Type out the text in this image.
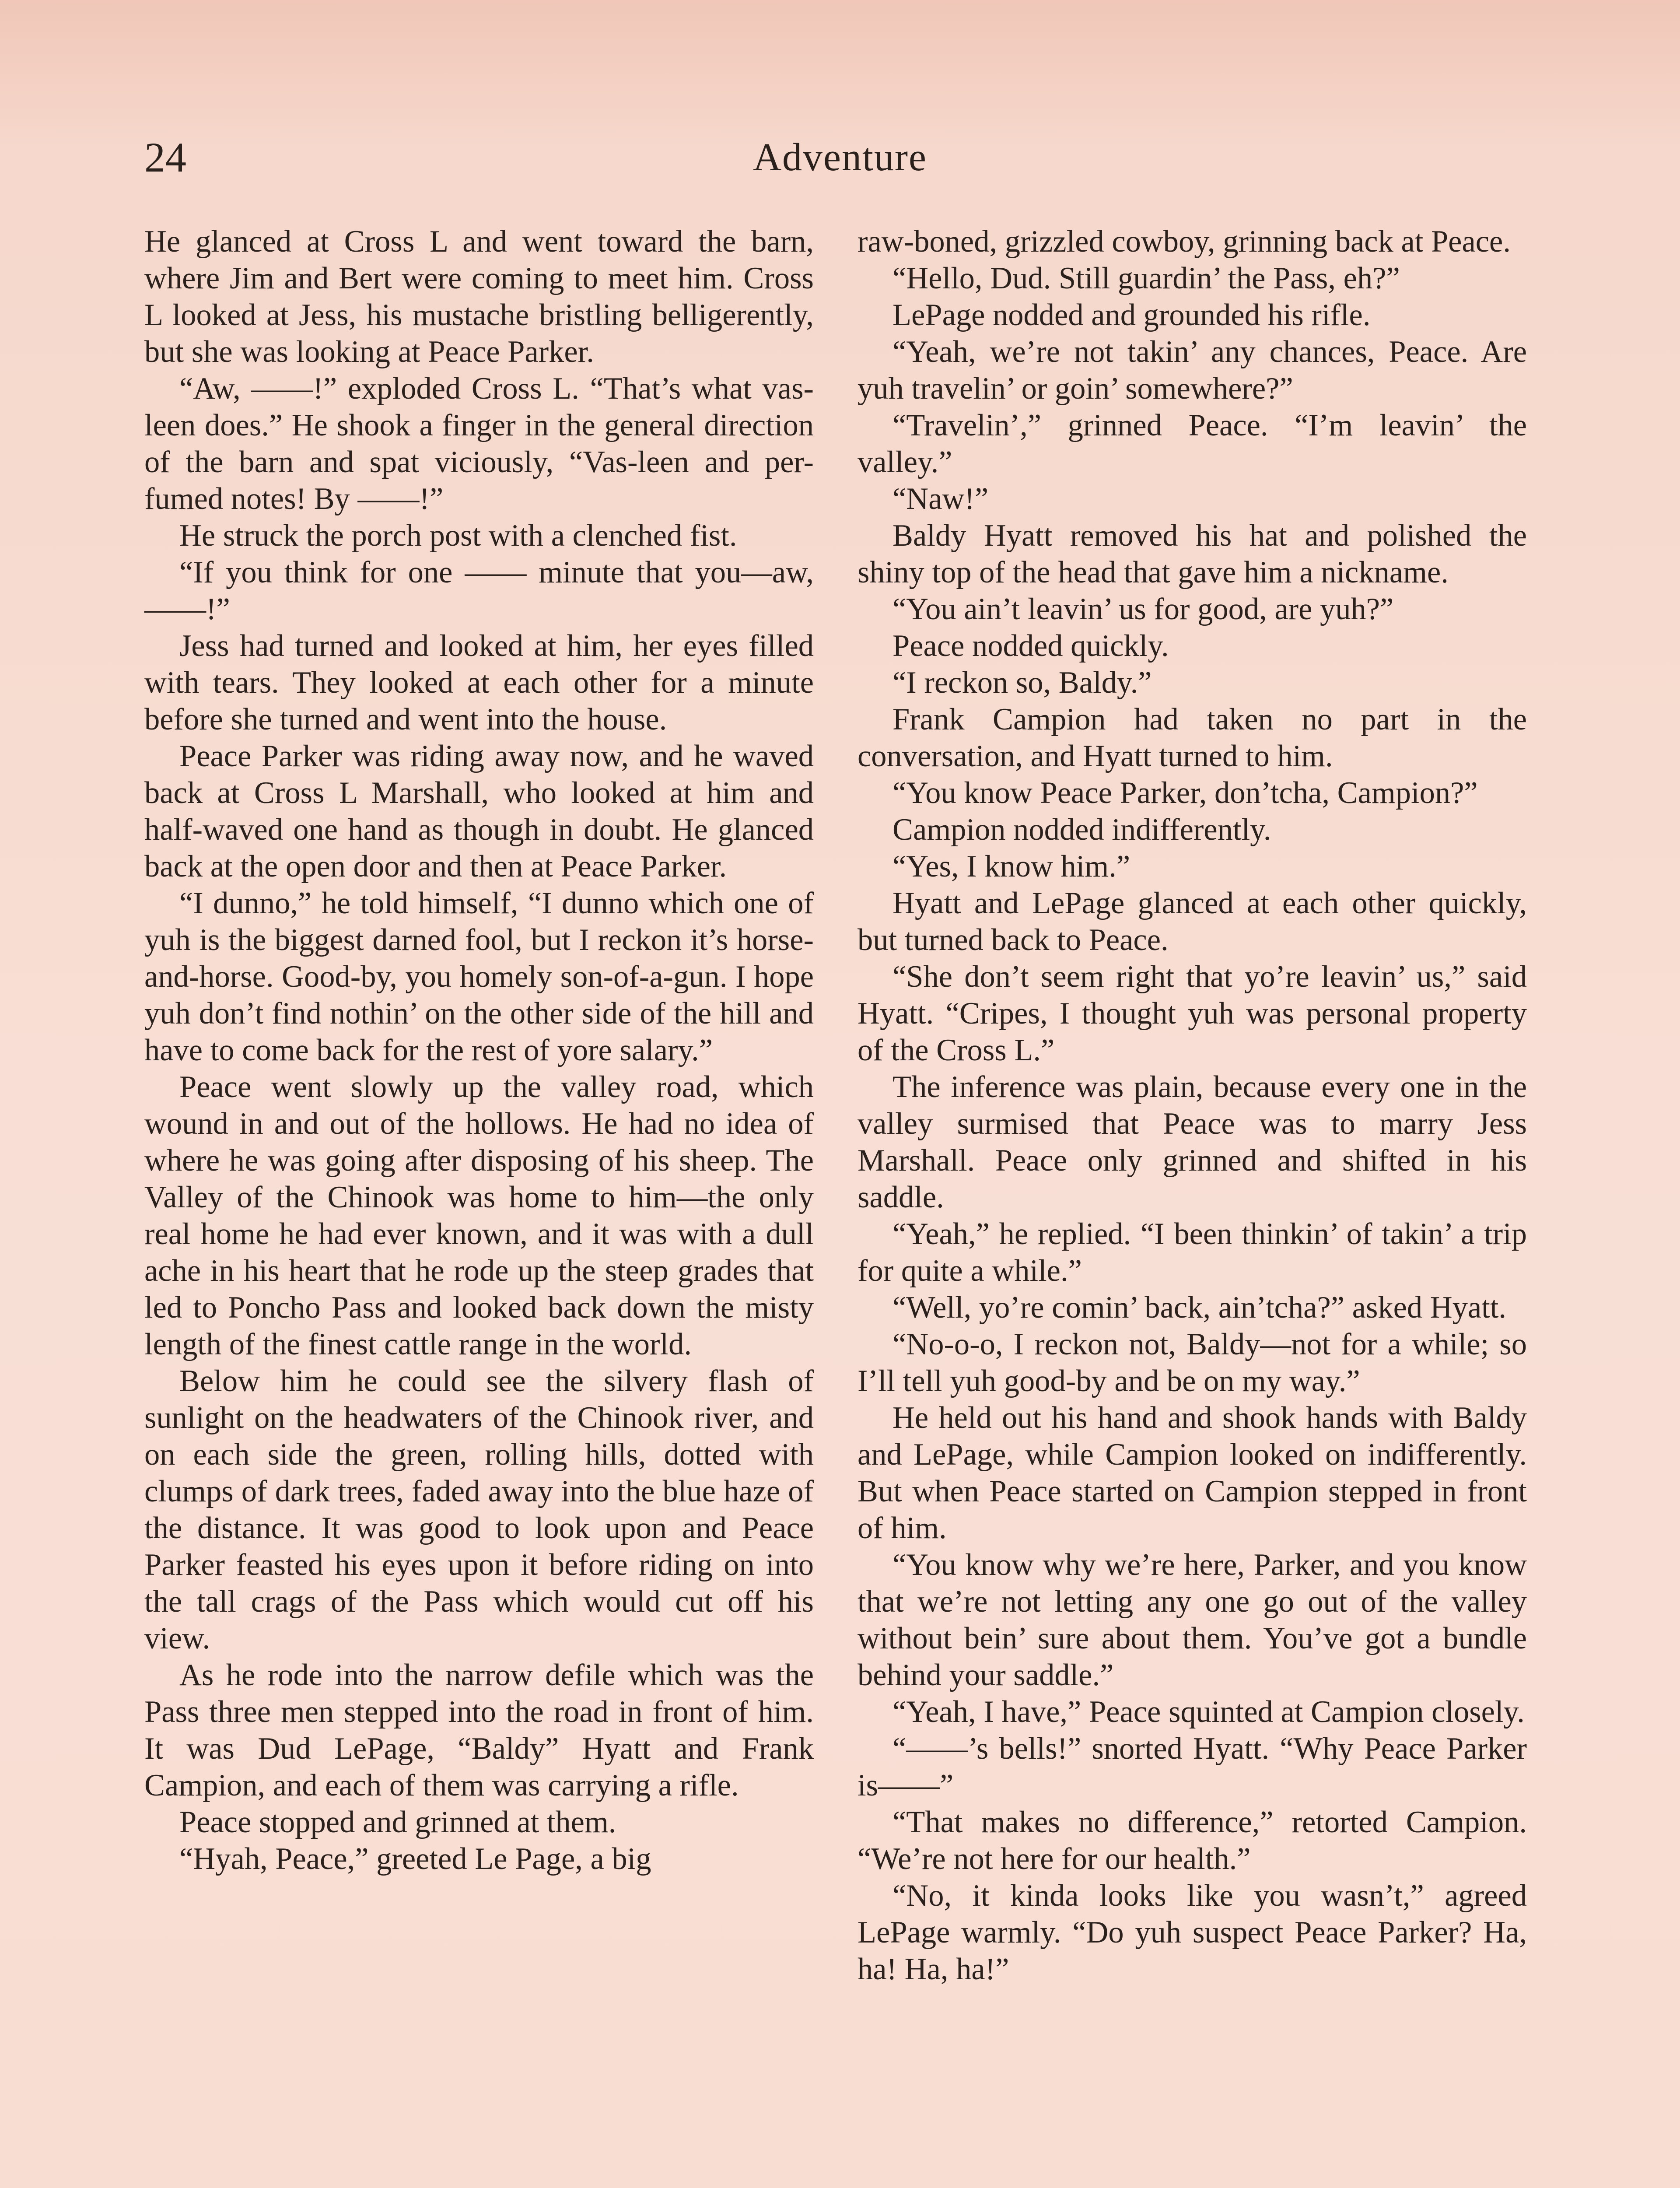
24	Adventure

He glanced at Cross L and went toward the barn, where Jim and Bert were coming to meet him. Cross L looked at Jess, his mustache bristling belligerently, but she was looking at Peace Parker.

“Aw, ——!” exploded Cross L. “That’s what vas-leen does.” He shook a finger in the general direction of the barn and spat viciously, “Vas-leen and per-fumed notes! By ——!”

He struck the porch post with a clenched fist.

“If you think for one —— minute that you—aw, ——!”

Jess had turned and looked at him, her eyes filled with tears. They looked at each other for a minute before she turned and went into the house.

Peace Parker was riding away now, and he waved back at Cross L Marshall, who looked at him and half-waved one hand as though in doubt. He glanced back at the open door and then at Peace Parker.

“I dunno,” he told himself, “I dunno which one of yuh is the biggest darned fool, but I reckon it’s horse-and-horse. Good-by, you homely son-of-a-gun. I hope yuh don’t find nothin’ on the other side of the hill and have to come back for the rest of yore salary.”

Peace went slowly up the valley road, which wound in and out of the hollows. He had no idea of where he was going after disposing of his sheep. The Valley of the Chinook was home to him—the only real home he had ever known, and it was with a dull ache in his heart that he rode up the steep grades that led to Poncho Pass and looked back down the misty length of the finest cattle range in the world.

Below him he could see the silvery flash of sunlight on the headwaters of the Chinook river, and on each side the green, rolling hills, dotted with clumps of dark trees, faded away into the blue haze of the distance. It was good to look upon and Peace Parker feasted his eyes upon it before riding on into the tall crags of the Pass which would cut off his view.

As he rode into the narrow defile which was the Pass three men stepped into the road in front of him. It was Dud LePage, “Baldy” Hyatt and Frank Campion, and each of them was carrying a rifle.

Peace stopped and grinned at them.

“Hyah, Peace,” greeted Le Page, a big

raw-boned, grizzled cowboy, grinning back at Peace.

“Hello, Dud. Still guardin’ the Pass, eh?”

LePage nodded and grounded his rifle.

“Yeah, we’re not takin’ any chances, Peace. Are yuh travelin’ or goin’ somewhere?”

“Travelin’,” grinned Peace. “I’m leavin’ the valley.”

“Naw!”

Baldy Hyatt removed his hat and polished the shiny top of the head that gave him a nickname.

“You ain’t leavin’ us for good, are yuh?”

Peace nodded quickly.

“I reckon so, Baldy.”

Frank Campion had taken no part in the conversation, and Hyatt turned to him.

“You know Peace Parker, don’tcha, Campion?”

Campion nodded indifferently.

“Yes, I know him.”

Hyatt and LePage glanced at each other quickly, but turned back to Peace.

“She don’t seem right that yo’re leavin’ us,” said Hyatt. “Cripes, I thought yuh was personal property of the Cross L.”

The inference was plain, because every one in the valley surmised that Peace was to marry Jess Marshall. Peace only grinned and shifted in his saddle.

“Yeah,” he replied. “I been thinkin’ of takin’ a trip for quite a while.”

“Well, yo’re comin’ back, ain’tcha?” asked Hyatt.

“No-o-o, I reckon not, Baldy—not for a while; so I’ll tell yuh good-by and be on my way.”

He held out his hand and shook hands with Baldy and LePage, while Campion looked on indifferently. But when Peace started on Campion stepped in front of him.

“You know why we’re here, Parker, and you know that we’re not letting any one go out of the valley without bein’ sure about them. You’ve got a bundle behind your saddle.”

“Yeah, I have,” Peace squinted at Campion closely.

“——’s bells!” snorted Hyatt. “Why Peace Parker is——”

“That makes no difference,” retorted Campion. “We’re not here for our health.”

“No, it kinda looks like you wasn’t,” agreed LePage warmly. “Do yuh suspect Peace Parker? Ha, ha! Ha, ha!”
